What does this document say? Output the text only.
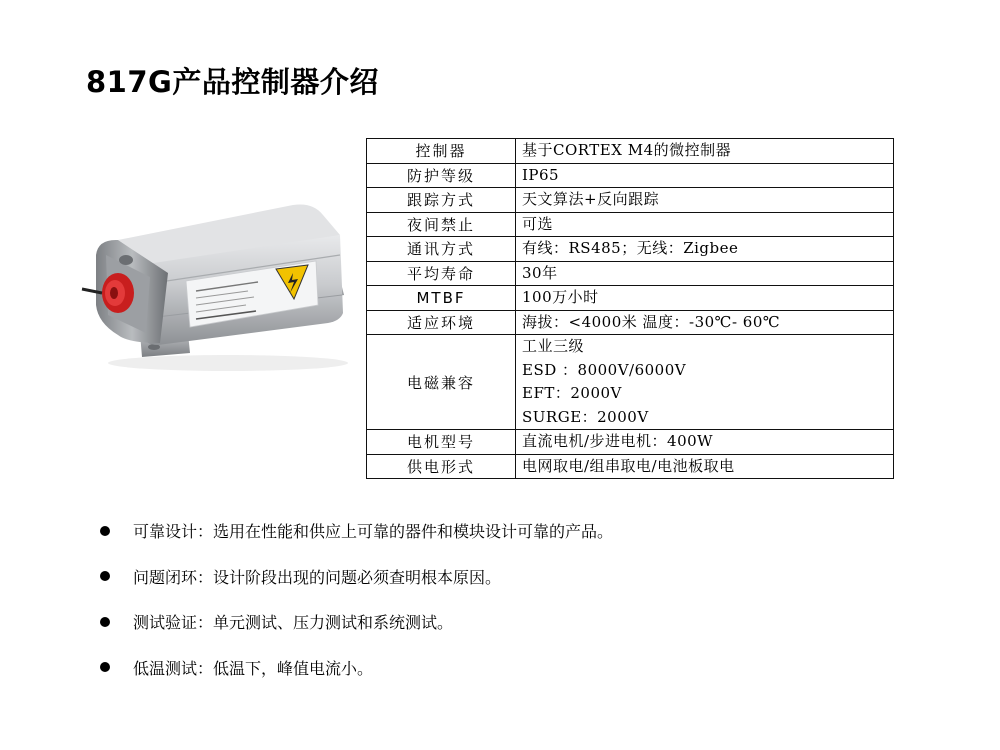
817G产品控制器介绍
控制器	基于CORTEX M4的微控制器

防护等级	IP65

跟踪方式	天文算法+反向跟踪

夜间禁止	可选

通讯方式	有线：RS485；无线：Zigbee

平均寿命	30年

MTBF	100万小时

适应环境	海拔：<4000米 温度：-30℃- 60℃

电磁兼容	工业三级
ESD ：8000V/6000V
EFT：2000V
SURGE：2000V

电机型号	直流电机/步进电机：400W

供电形式	电网取电/组串取电/电池板取电
可靠设计：选用在性能和供应上可靠的器件和模块设计可靠的产品。
问题闭环：设计阶段出现的问题必须查明根本原因。
测试验证：单元测试、压力测试和系统测试。
低温测试：低温下，峰值电流小。
